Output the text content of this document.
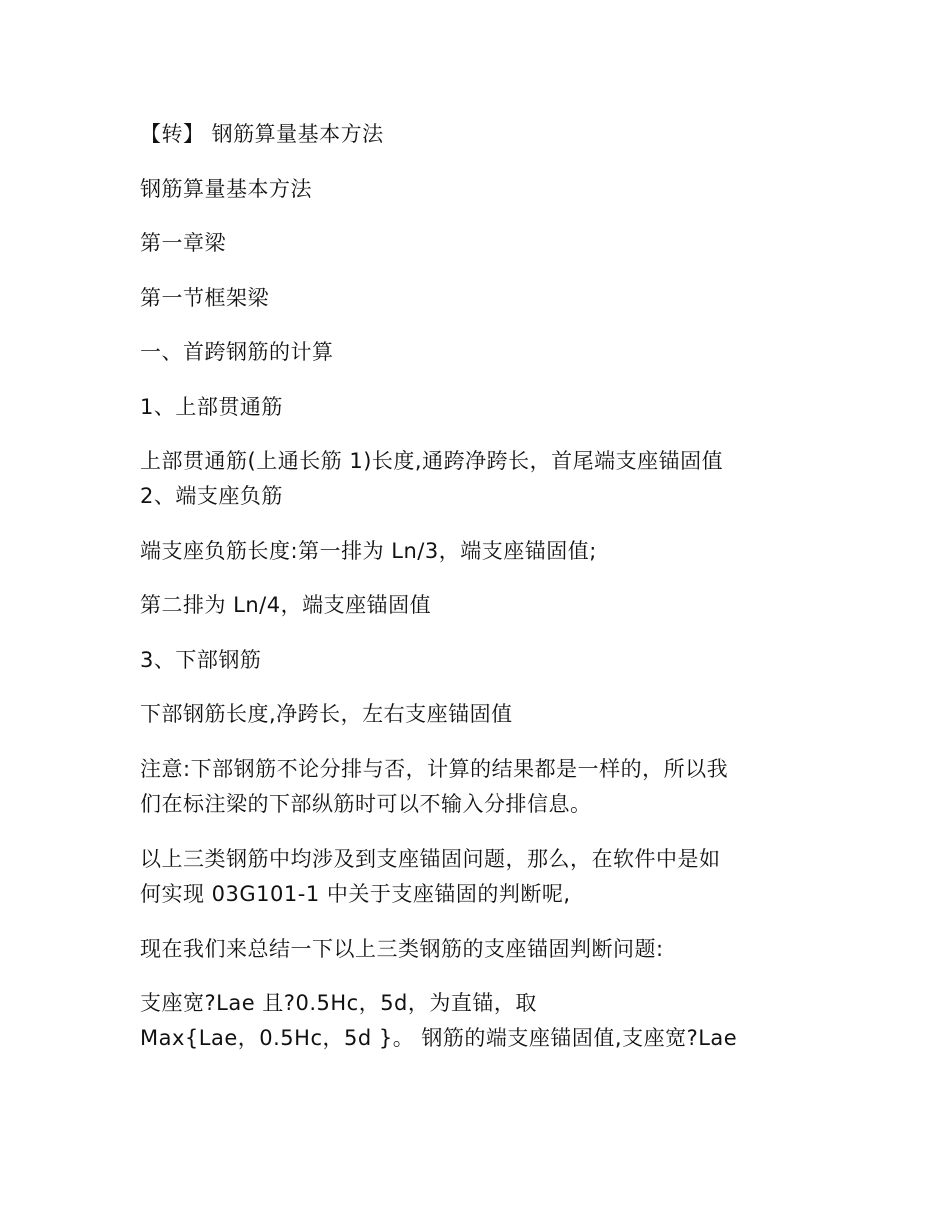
【转】 钢筋算量基本方法
钢筋算量基本方法
第一章梁
第一节框架梁
一、首跨钢筋的计算
1、上部贯通筋
上部贯通筋(上通长筋 1)长度,通跨净跨长，首尾端支座锚固值
2、端支座负筋
端支座负筋长度:第一排为 Ln/3，端支座锚固值;
第二排为 Ln/4，端支座锚固值
3、下部钢筋
下部钢筋长度,净跨长，左右支座锚固值
注意:下部钢筋不论分排与否，计算的结果都是一样的，所以我
们在标注梁的下部纵筋时可以不输入分排信息。
以上三类钢筋中均涉及到支座锚固问题，那么，在软件中是如
何实现 03G101-1 中关于支座锚固的判断呢,
现在我们来总结一下以上三类钢筋的支座锚固判断问题:
支座宽?Lae 且?0.5Hc，5d，为直锚，取
Max{Lae，0.5Hc，5d }。 钢筋的端支座锚固值,支座宽?Lae
